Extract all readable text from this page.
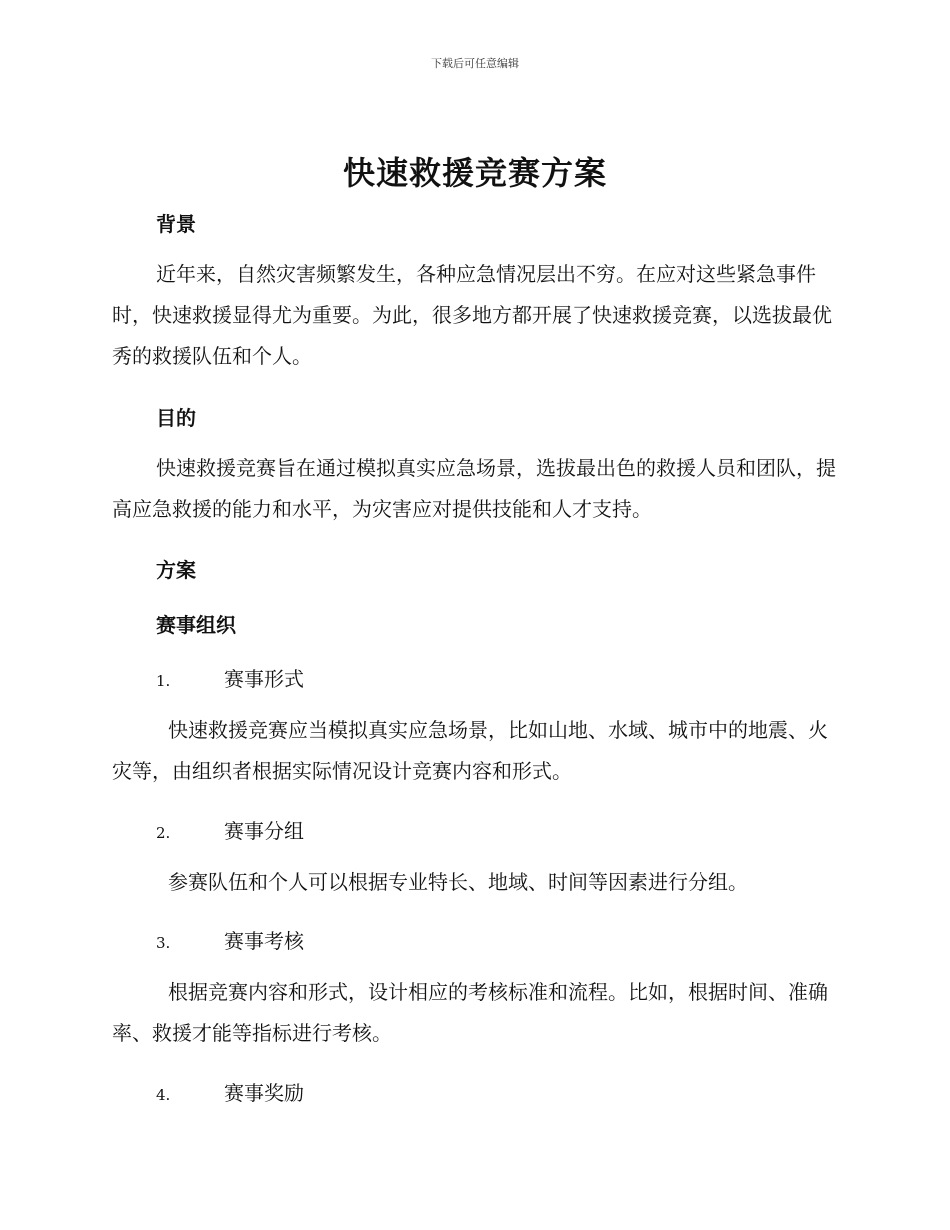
下载后可任意编辑
快速救援竞赛方案
背景

近年来，自然灾害频繁发生，各种应急情况层出不穷。在应对这些紧急事件时，快速救援显得尤为重要。为此，很多地方都开展了快速救援竞赛，以选拔最优秀的救援队伍和个人。

目的

快速救援竞赛旨在通过模拟真实应急场景，选拔最出色的救援人员和团队，提高应急救援的能力和水平，为灾害应对提供技能和人才支持。

方案
赛事组织
1.	赛事形式

快速救援竞赛应当模拟真实应急场景，比如山地、水域、城市中的地震、火灾等，由组织者根据实际情况设计竞赛内容和形式。

2.	赛事分组

参赛队伍和个人可以根据专业特长、地域、时间等因素进行分组。

3.	赛事考核

根据竞赛内容和形式，设计相应的考核标准和流程。比如，根据时间、准确率、救援才能等指标进行考核。

4.	赛事奖励
